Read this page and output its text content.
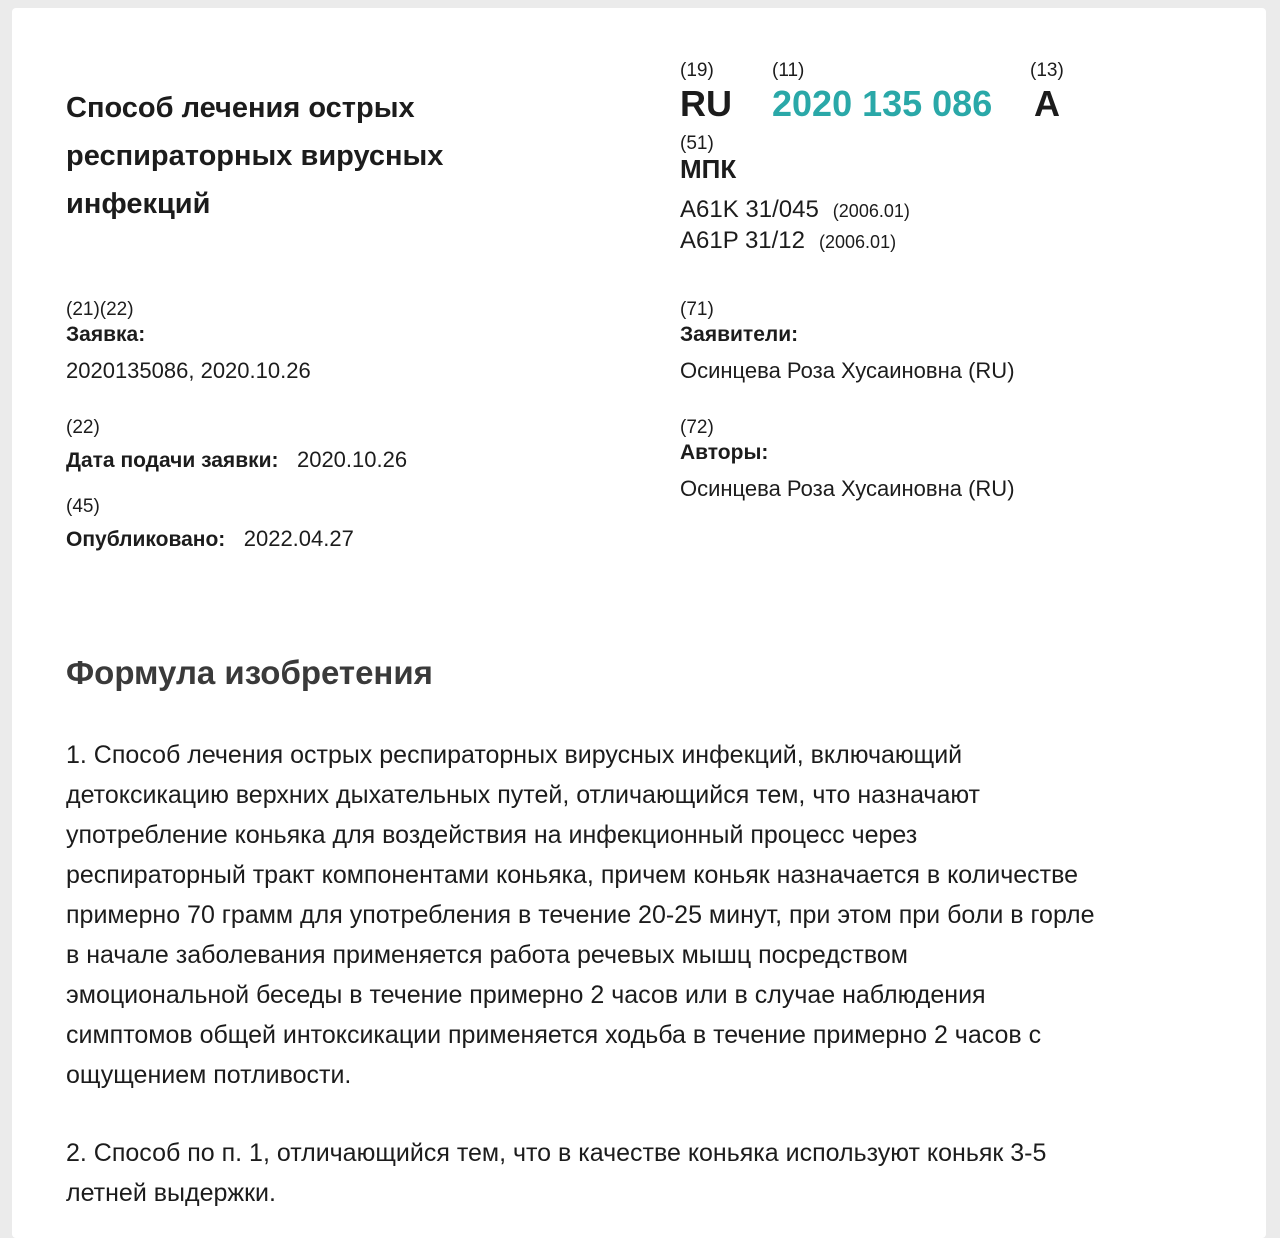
Способ лечения острых респираторных вирусных инфекций
(19)
RU
(11)
2020 135 086
(13)
A
(51)
МПК
A61K 31/045 (2006.01)
A61P 31/12 (2006.01)
(21)(22)
Заявка:
2020135086, 2020.10.26
(22)
Дата подачи заявки: 2020.10.26
(45)
Опубликовано: 2022.04.27
(71)
Заявители:
Осинцева Роза Хусаиновна (RU)
(72)
Авторы:
Осинцева Роза Хусаиновна (RU)
Формула изобретения
1. Способ лечения острых респираторных вирусных инфекций, включающий
детоксикацию верхних дыхательных путей, отличающийся тем, что назначают
употребление коньяка для воздействия на инфекционный процесс через
респираторный тракт компонентами коньяка, причем коньяк назначается в количестве
примерно 70 грамм для употребления в течение 20-25 минут, при этом при боли в горле
в начале заболевания применяется работа речевых мышц посредством
эмоциональной беседы в течение примерно 2 часов или в случае наблюдения
симптомов общей интоксикации применяется ходьба в течение примерно 2 часов с
ощущением потливости.
2. Способ по п. 1, отличающийся тем, что в качестве коньяка используют коньяк 3-5
летней выдержки.
